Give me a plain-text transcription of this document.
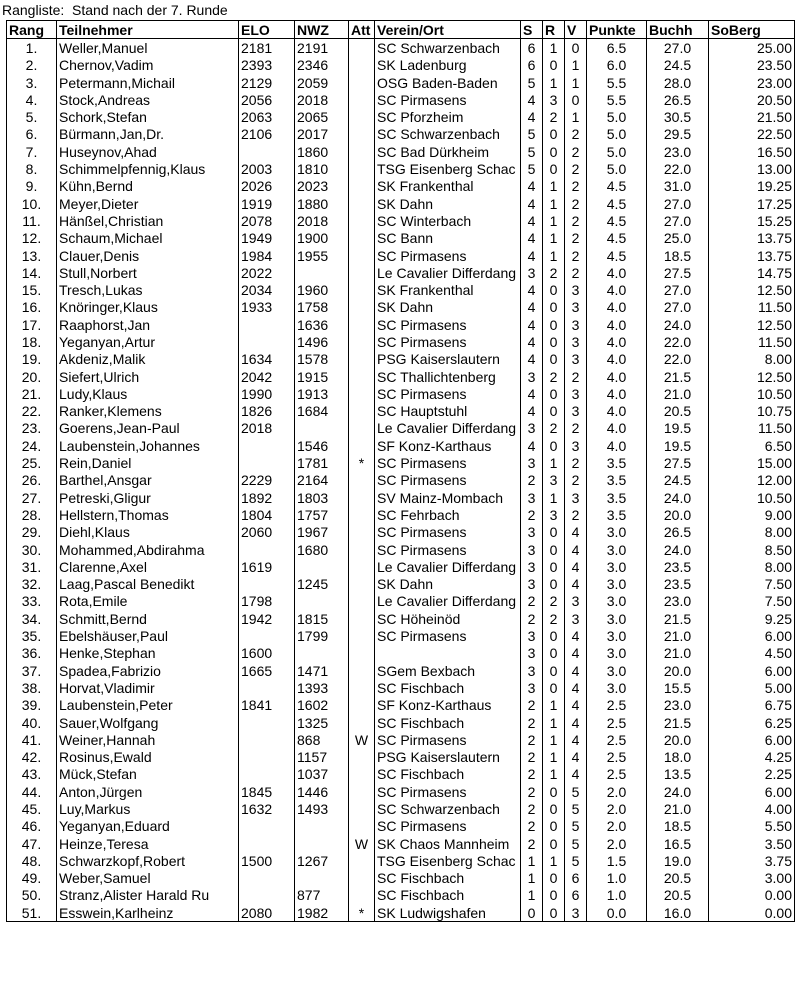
Rangliste:  Stand nach der 7. Runde
Rang	Teilnehmer	ELO	NWZ	Att	Verein/Ort	S	R	V	Punkte	Buchh	SoBerg
1.	Weller,Manuel	2181	2191		SC Schwarzenbach	6	1	0	6.5	27.0	25.00
2.	Chernov,Vadim	2393	2346		SK Ladenburg	6	0	1	6.0	24.5	23.50
3.	Petermann,Michail	2129	2059		OSG Baden-Baden	5	1	1	5.5	28.0	23.00
4.	Stock,Andreas	2056	2018		SC Pirmasens	4	3	0	5.5	26.5	20.50
5.	Schork,Stefan	2063	2065		SC Pforzheim	4	2	1	5.0	30.5	21.50
6.	Bürmann,Jan,Dr.	2106	2017		SC Schwarzenbach	5	0	2	5.0	29.5	22.50
7.	Huseynov,Ahad		1860		SC Bad Dürkheim	5	0	2	5.0	23.0	16.50
8.	Schimmelpfennig,Klaus	2003	1810		TSG Eisenberg Schac	5	0	2	5.0	22.0	13.00
9.	Kühn,Bernd	2026	2023		SK Frankenthal	4	1	2	4.5	31.0	19.25
10.	Meyer,Dieter	1919	1880		SK Dahn	4	1	2	4.5	27.0	17.25
11.	Hänßel,Christian	2078	2018		SC Winterbach	4	1	2	4.5	27.0	15.25
12.	Schaum,Michael	1949	1900		SC Bann	4	1	2	4.5	25.0	13.75
13.	Clauer,Denis	1984	1955		SC Pirmasens	4	1	2	4.5	18.5	13.75
14.	Stull,Norbert	2022			Le Cavalier Differdang	3	2	2	4.0	27.5	14.75
15.	Tresch,Lukas	2034	1960		SK Frankenthal	4	0	3	4.0	27.0	12.50
16.	Knöringer,Klaus	1933	1758		SK Dahn	4	0	3	4.0	27.0	11.50
17.	Raaphorst,Jan		1636		SC Pirmasens	4	0	3	4.0	24.0	12.50
18.	Yeganyan,Artur		1496		SC Pirmasens	4	0	3	4.0	22.0	11.50
19.	Akdeniz,Malik	1634	1578		PSG Kaiserslautern	4	0	3	4.0	22.0	8.00
20.	Siefert,Ulrich	2042	1915		SC Thallichtenberg	3	2	2	4.0	21.5	12.50
21.	Ludy,Klaus	1990	1913		SC Pirmasens	4	0	3	4.0	21.0	10.50
22.	Ranker,Klemens	1826	1684		SC Hauptstuhl	4	0	3	4.0	20.5	10.75
23.	Goerens,Jean-Paul	2018			Le Cavalier Differdang	3	2	2	4.0	19.5	11.50
24.	Laubenstein,Johannes		1546		SF Konz-Karthaus	4	0	3	4.0	19.5	6.50
25.	Rein,Daniel		1781	*	SC Pirmasens	3	1	2	3.5	27.5	15.00
26.	Barthel,Ansgar	2229	2164		SC Pirmasens	2	3	2	3.5	24.5	12.00
27.	Petreski,Gligur	1892	1803		SV Mainz-Mombach	3	1	3	3.5	24.0	10.50
28.	Hellstern,Thomas	1804	1757		SC Fehrbach	2	3	2	3.5	20.0	9.00
29.	Diehl,Klaus	2060	1967		SC Pirmasens	3	0	4	3.0	26.5	8.00
30.	Mohammed,Abdirahma		1680		SC Pirmasens	3	0	4	3.0	24.0	8.50
31.	Clarenne,Axel	1619			Le Cavalier Differdang	3	0	4	3.0	23.5	8.00
32.	Laag,Pascal Benedikt		1245		SK Dahn	3	0	4	3.0	23.5	7.50
33.	Rota,Emile	1798			Le Cavalier Differdang	2	2	3	3.0	23.0	7.50
34.	Schmitt,Bernd	1942	1815		SC Höheinöd	2	2	3	3.0	21.5	9.25
35.	Ebelshäuser,Paul		1799		SC Pirmasens	3	0	4	3.0	21.0	6.00
36.	Henke,Stephan	1600				3	0	4	3.0	21.0	4.50
37.	Spadea,Fabrizio	1665	1471		SGem Bexbach	3	0	4	3.0	20.0	6.00
38.	Horvat,Vladimir		1393		SC Fischbach	3	0	4	3.0	15.5	5.00
39.	Laubenstein,Peter	1841	1602		SF Konz-Karthaus	2	1	4	2.5	23.0	6.75
40.	Sauer,Wolfgang		1325		SC Fischbach	2	1	4	2.5	21.5	6.25
41.	Weiner,Hannah		868	W	SC Pirmasens	2	1	4	2.5	20.0	6.00
42.	Rosinus,Ewald		1157		PSG Kaiserslautern	2	1	4	2.5	18.0	4.25
43.	Mück,Stefan		1037		SC Fischbach	2	1	4	2.5	13.5	2.25
44.	Anton,Jürgen	1845	1446		SC Pirmasens	2	0	5	2.0	24.0	6.00
45.	Luy,Markus	1632	1493		SC Schwarzenbach	2	0	5	2.0	21.0	4.00
46.	Yeganyan,Eduard				SC Pirmasens	2	0	5	2.0	18.5	5.50
47.	Heinze,Teresa			W	SK Chaos Mannheim	2	0	5	2.0	16.5	3.50
48.	Schwarzkopf,Robert	1500	1267		TSG Eisenberg Schac	1	1	5	1.5	19.0	3.75
49.	Weber,Samuel				SC Fischbach	1	0	6	1.0	20.5	3.00
50.	Stranz,Alister Harald Ru		877		SC Fischbach	1	0	6	1.0	20.5	0.00
51.	Esswein,Karlheinz	2080	1982	*	SK Ludwigshafen	0	0	3	0.0	16.0	0.00
